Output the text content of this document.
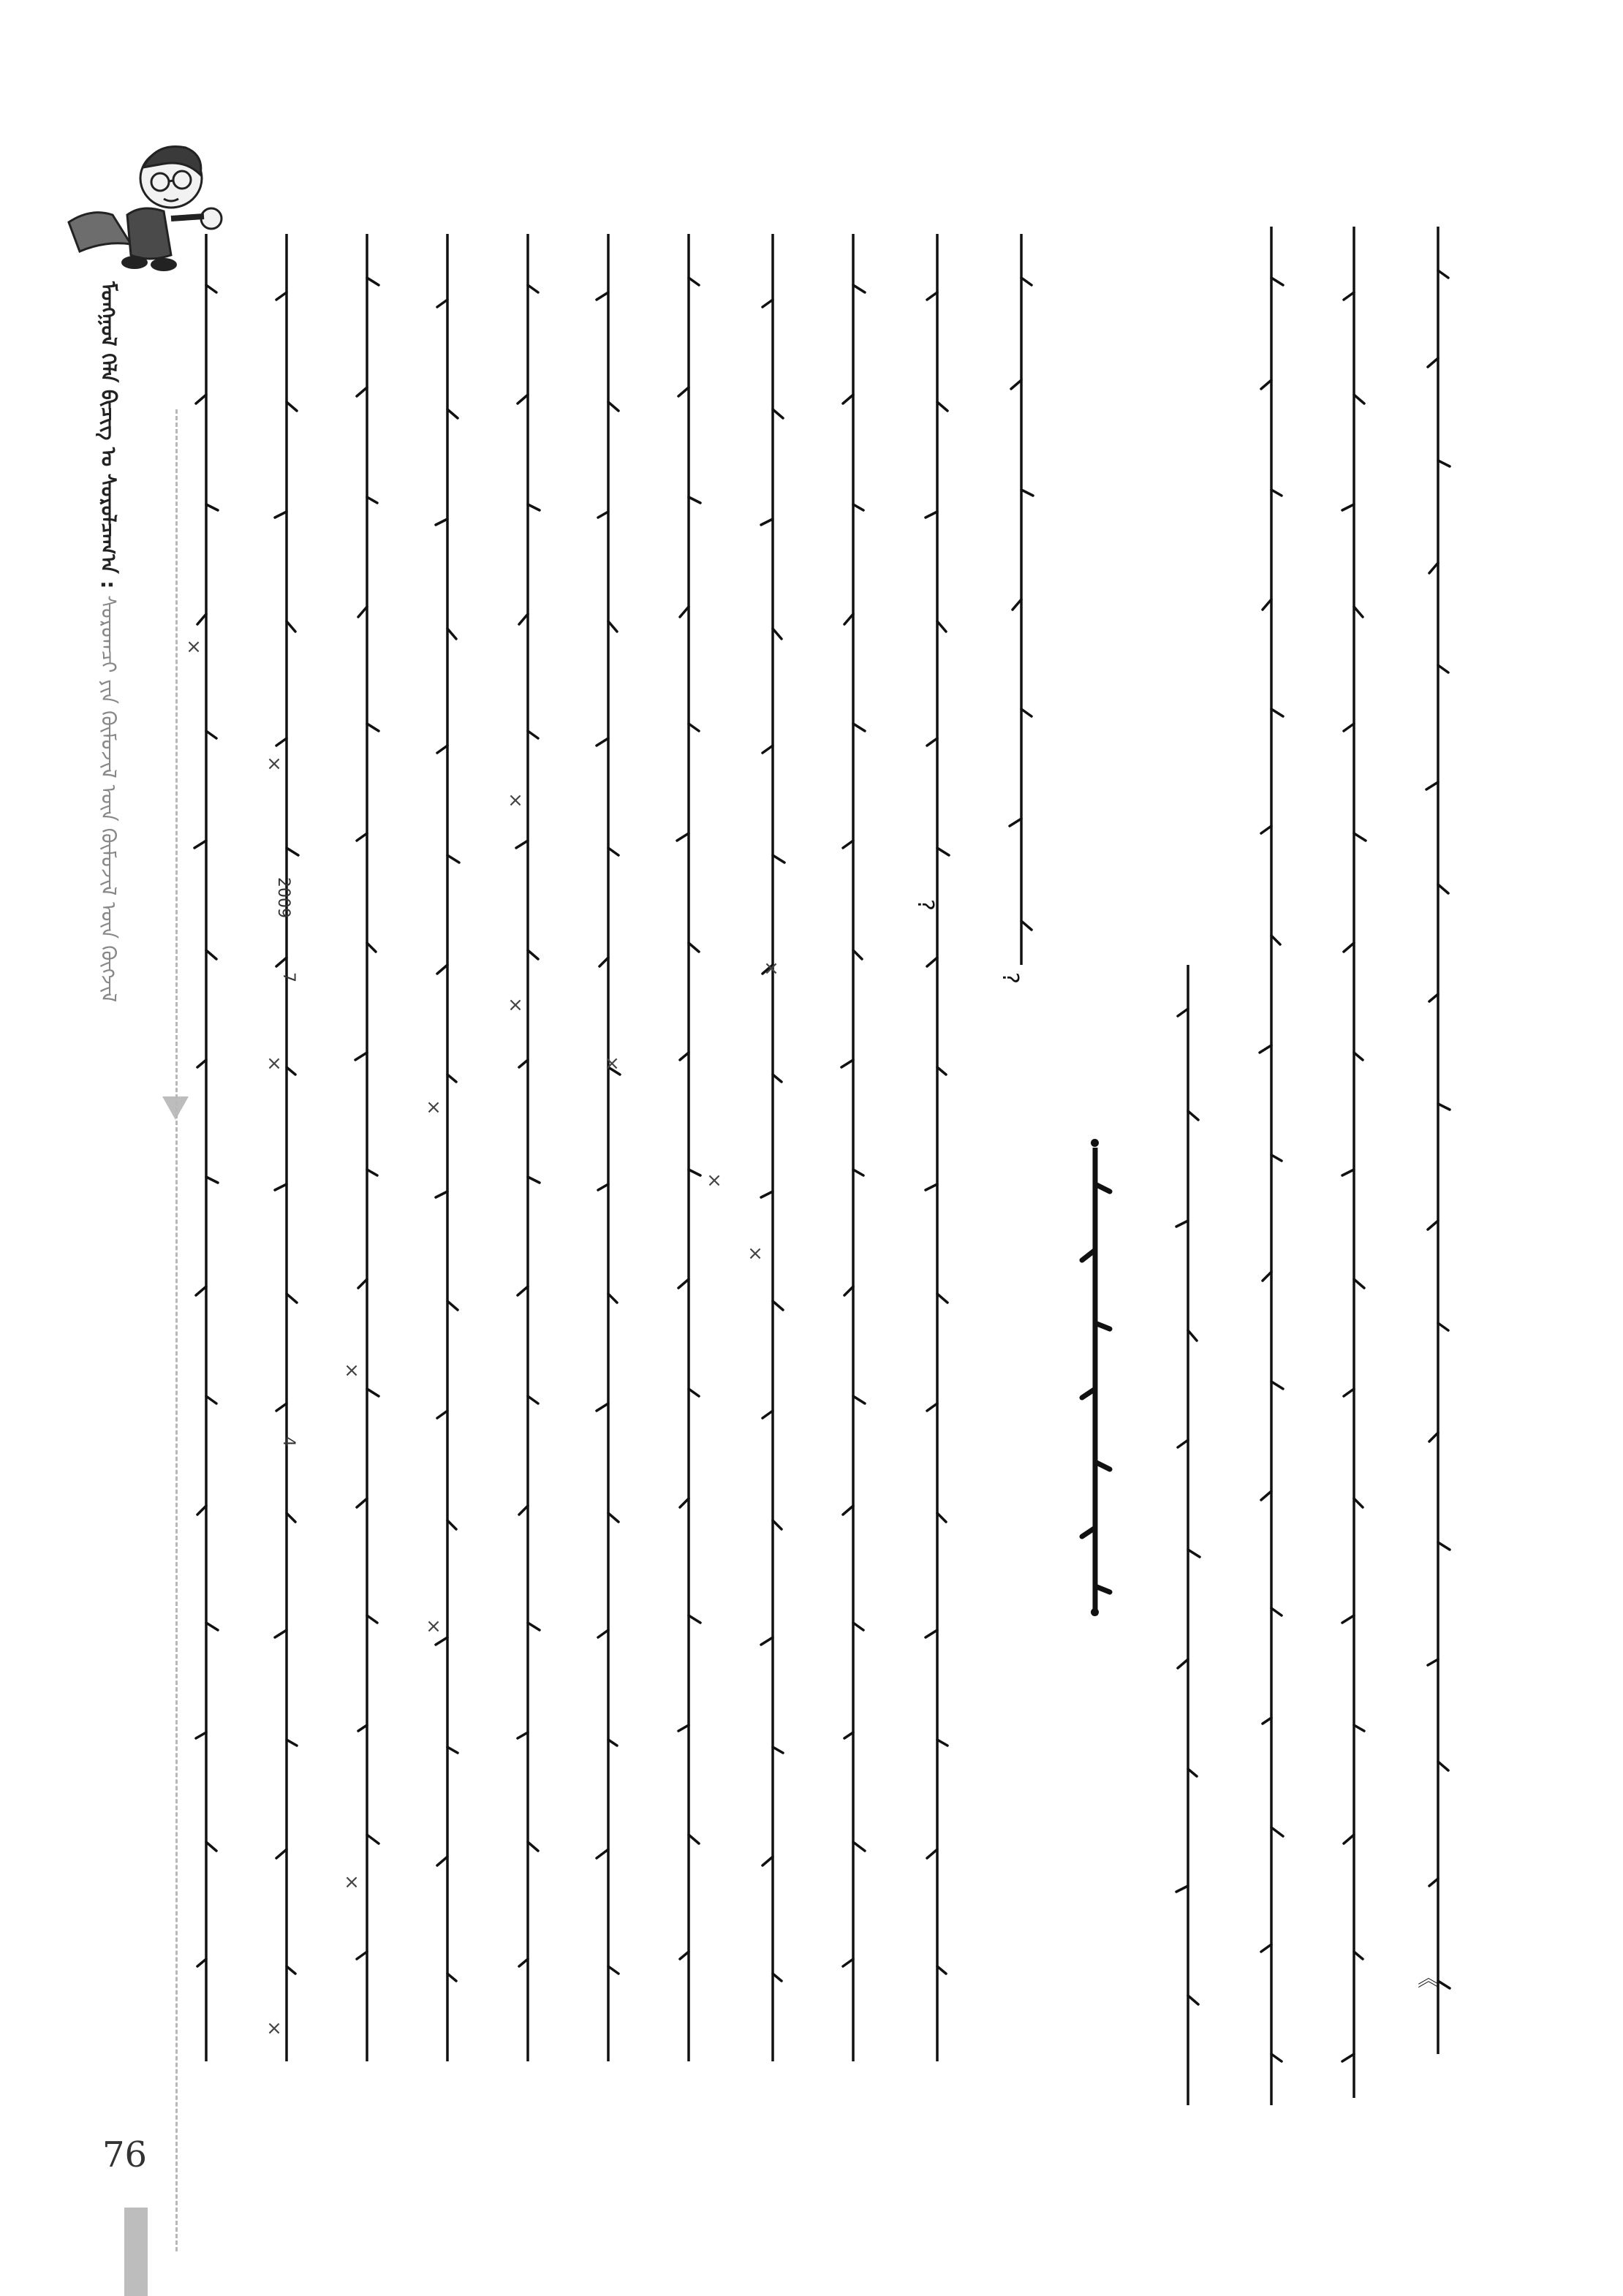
ᠮᠣᠩᠭᠣᠯ ᠬᠡᠯᠡ ᠪᠢᠴᠢᠭ ᠤ ᠰᠤᠷᠤᠯᠴᠠᠭ᠎ᠠ : ᠰᠤᠷᠤᠭᠴᠢ ᠶᠢᠨ ᠬᠦᠮᠦᠵᠢᠯ ᠦᠨ ᠬᠦᠮᠦᠵᠢᠯ ᠦᠨ ᠬᠥᠭᠵᠢᠯ
《
?
?
×
×
×
×
×
×
×
×
×
×
×
×
×
2009
7
4
×
76
